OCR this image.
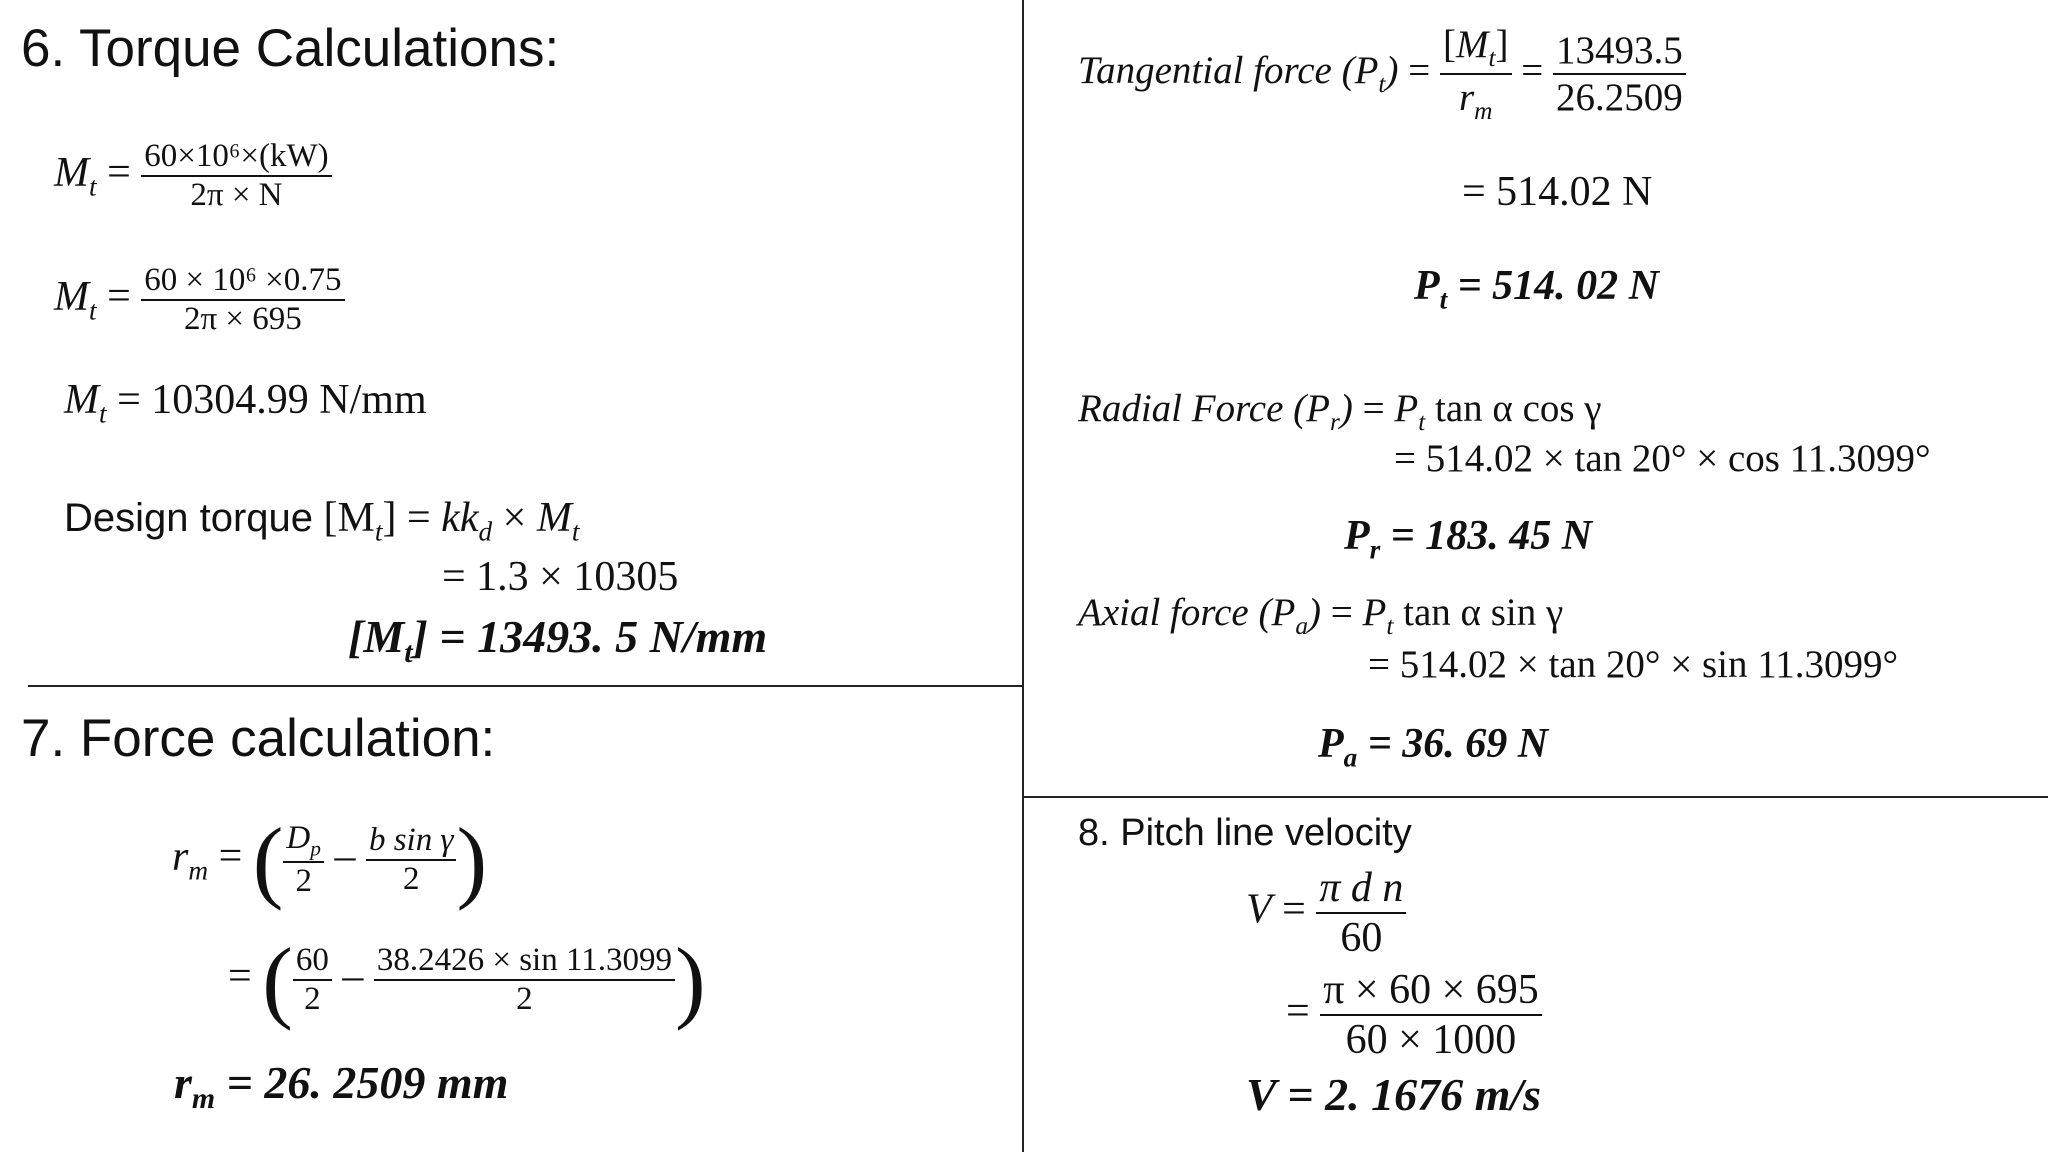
6. Torque Calculations:
$M_t = \frac{\text{60×10⁶×(kW)}}{2\pi \times N}$
$M_t = \frac{\text{60 × 10⁶ ×0.75}}{2\pi \times 695}$
$M_t = 10304.99$ N/mm
Design torque $[M_t] = kk_d \times M_t$
= 1.3 × 10305
$[M_t] = 13493$. 5 N/mm
7. Force calculation:
$r_m$ = ( $\frac{D_p}{2} - \frac{\text{b sin γ}}{2}$ )
= ( $\frac{60}{2} - \frac{38.2426 \times \sin 11.3099}{2}$ )
$r_m = 26$. 2509 mm
Tangential force $(P_t) = \frac{[M_t]}{r_m} = \frac{13493.5}{26.2509}$
= 514.02 N
$P_t = 514$. 02 N
Radial Force $(P_r) = P_t$ tan α cos γ
= 514.02 × tan 20° × cos 11.3099°
$P_r = 183$. 45 N
Axial force $(P_a) = P_t$ tan α sin γ
= 514.02 × tan 20° × sin 11.3099°
$P_a = 36$. 69 N
8. Pitch line velocity
$V = \frac{\text{π d n}}{60}$
= $\frac{\pi \times 60 \times 695}{60 \times 1000}$
V = 2. 1676 m/s
